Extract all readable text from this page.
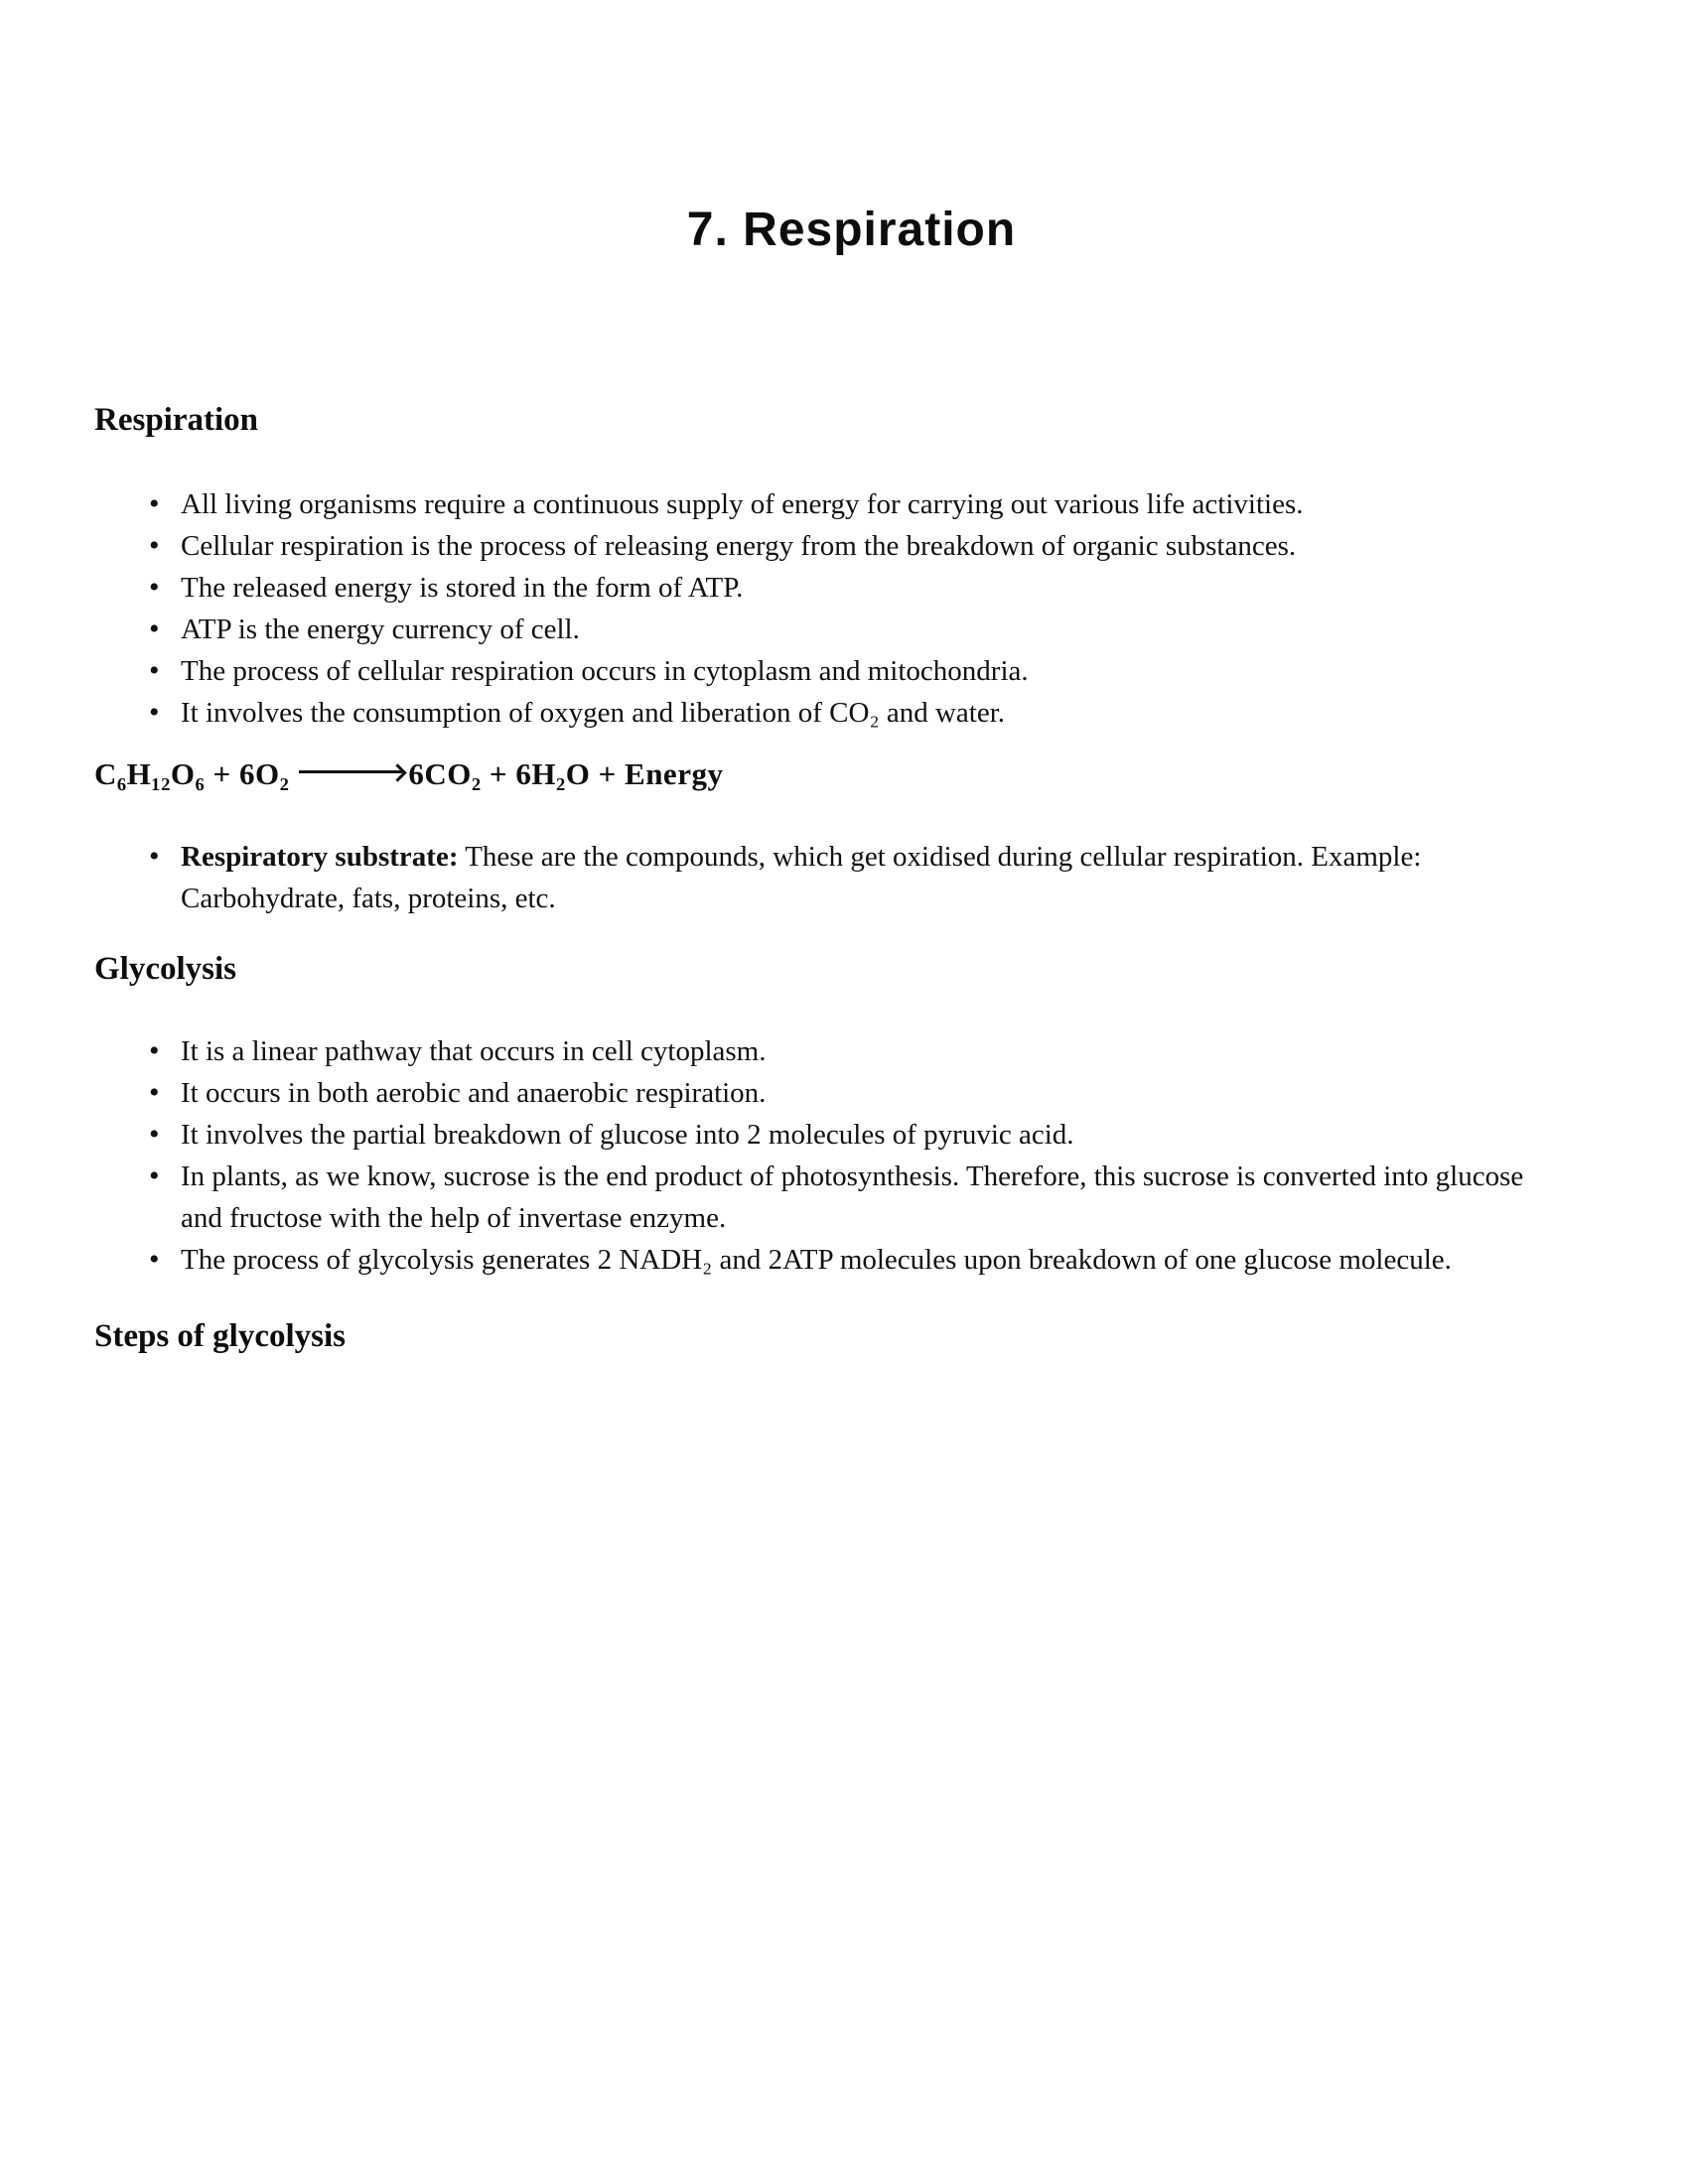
7. Respiration
Respiration
• All living organisms require a continuous supply of energy for carrying out various life activities.
• Cellular respiration is the process of releasing energy from the breakdown of organic substances.
• The released energy is stored in the form of ATP.
• ATP is the energy currency of cell.
• The process of cellular respiration occurs in cytoplasm and mitochondria.
• It involves the consumption of oxygen and liberation of CO₂ and water.
C₆H₁₂O₆ + 6O₂	6CO₂ + 6H₂O + Energy
• Respiratory substrate: These are the compounds, which get oxidised during cellular respiration. Example: Carbohydrate, fats, proteins, etc.
Glycolysis
• It is a linear pathway that occurs in cell cytoplasm.
• It occurs in both aerobic and anaerobic respiration.
• It involves the partial breakdown of glucose into 2 molecules of pyruvic acid.
• In plants, as we know, sucrose is the end product of photosynthesis. Therefore, this sucrose is converted into glucose and fructose with the help of invertase enzyme.
• The process of glycolysis generates 2 NADH₂ and 2ATP molecules upon breakdown of one glucose molecule.
Steps of glycolysis
